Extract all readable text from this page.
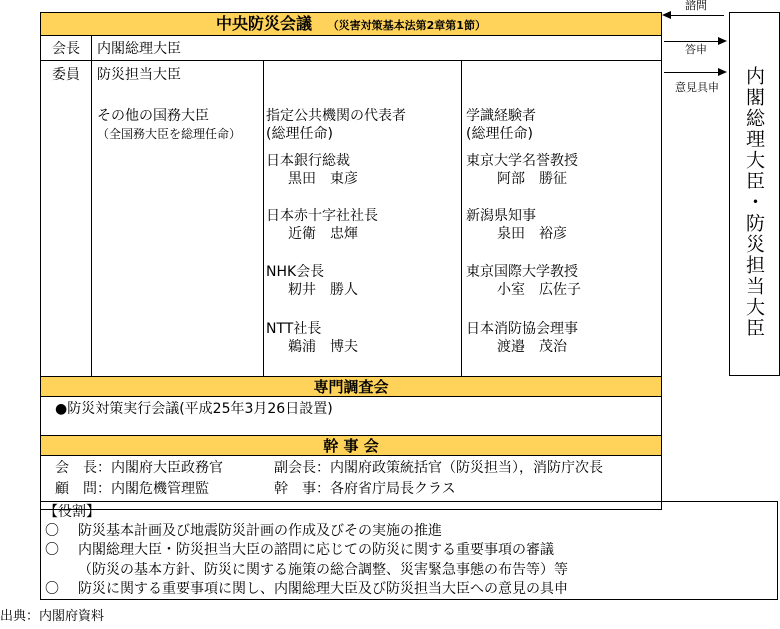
中央防災会議 （災害対策基本法第2章第1節）
会長 内閣総理大臣
委員 防災担当大臣
その他の国務大臣
（全国務大臣を総理任命）
指定公共機関の代表者
(総理任命)
日本銀行総裁
黒田　東彦
日本赤十字社社長
近衛　忠煇
NHK会長
籾井　勝人
NTT社長
鵜浦　博夫
学識経験者
(総理任命)
東京大学名誉教授
阿部　勝征
新潟県知事
泉田　裕彦
東京国際大学教授
小室　広佐子
日本消防協会理事
渡邉　茂治
専門調査会
●防災対策実行会議(平成25年3月26日設置)
幹 事 会
会　長：内閣府大臣政務官	副会長：内閣府政策統括官（防災担当），消防庁次長
顧　問：内閣危機管理監	幹　事：各府省庁局長クラス
【役割】
〇 防災基本計画及び地震防災計画の作成及びその実施の推進
〇 内閣総理大臣・防災担当大臣の諮問に応じての防災に関する重要事項の審議
（防災の基本方針、防災に関する施策の総合調整、災害緊急事態の布告等）等
〇 防災に関する重要事項に関し、内閣総理大臣及び防災担当大臣への意見の具申
内閣総理大臣・防災担当大臣
諮問
答申
意見具申
出典：内閣府資料
